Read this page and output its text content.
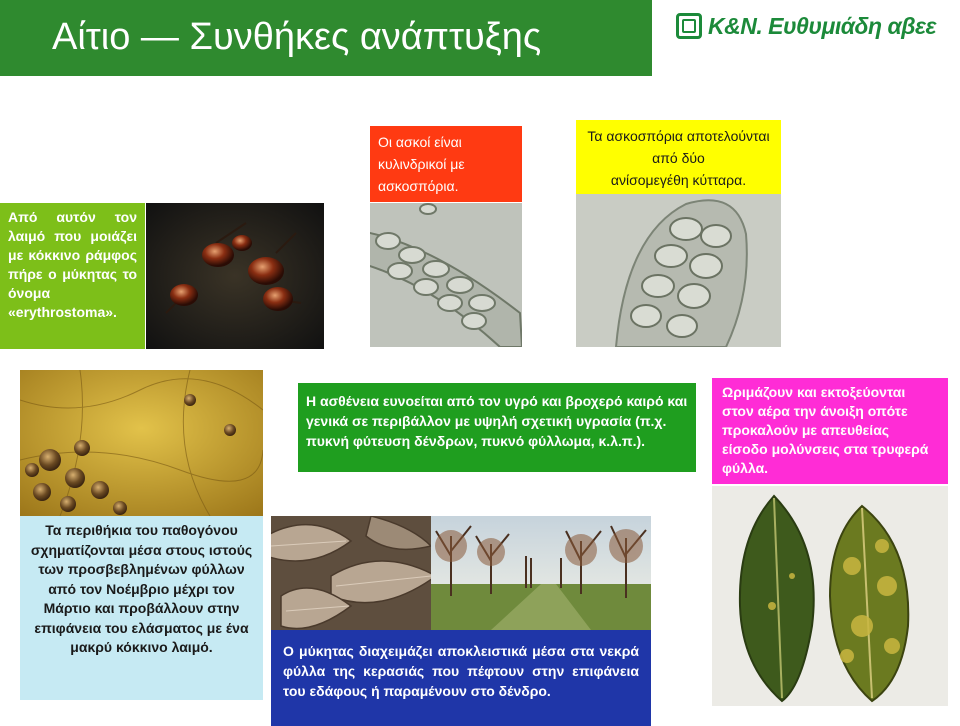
Αίτιο — Συνθήκες ανάπτυξης	Κ&Ν. Ευθυμιάδη αβεε
Οι ασκοί είναι κυλινδρικοί με
ασκοσπόρια.
Τα ασκοσπόρια αποτελούνται από δύο
ανίσομεγέθη κύτταρα.
Από αυτόν τον λαιμό που μοιάζει με κόκκινο ράμφος πήρε ο μύκητας το όνομα «erythrostoma».
Η ασθένεια ευνοείται από τον υγρό και βροχερό καιρό και γενικά σε περιβάλλον με υψηλή σχετική υγρασία (π.χ. πυκνή φύτευση δένδρων, πυκνό φύλλωμα, κ.λ.π.).
Ωριμάζουν και εκτοξεύονται στον αέρα την άνοιξη οπότε προκαλούν με απευθείας είσοδο μολύνσεις στα τρυφερά φύλλα.
Τα περιθήκια του παθογόνου σχηματίζονται μέσα στους ιστούς των προσβεβλημένων φύλλων από τον Νοέμβριο μέχρι τον Μάρτιο και προβάλλουν στην επιφάνεια του ελάσματος με ένα μακρύ κόκκινο λαιμό.	Ο μύκητας διαχειμάζει αποκλειστικά μέσα στα νεκρά φύλλα της κερασιάς που πέφτουν στην επιφάνεια του εδάφους ή παραμένουν στο δένδρο.
